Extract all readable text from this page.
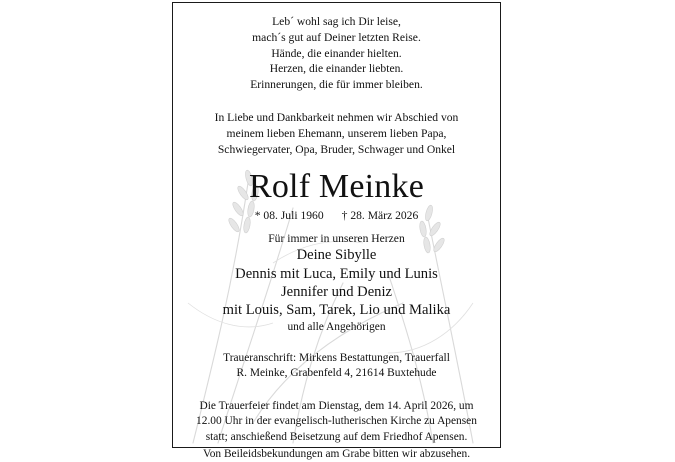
Leb´ wohl sag ich Dir leise,
mach´s gut auf Deiner letzten Reise.
Hände, die einander hielten.
Herzen, die einander liebten.
Erinnerungen, die für immer bleiben.
In Liebe und Dankbarkeit nehmen wir Abschied von
meinem lieben Ehemann, unserem lieben Papa,
Schwiegervater, Opa, Bruder, Schwager und Onkel
Rolf Meinke
* 08. Juli 1960 † 28. März 2026
Für immer in unseren Herzen
Deine Sibylle
Dennis mit Luca, Emily und Lunis
Jennifer und Deniz
mit Louis, Sam, Tarek, Lio und Malika
und alle Angehörigen
Traueranschrift: Mirkens Bestattungen, Trauerfall
R. Meinke, Grabenfeld 4, 21614 Buxtehude
Die Trauerfeier findet am Dienstag, dem 14. April 2026, um
12.00 Uhr in der evangelisch-lutherischen Kirche zu Apensen
statt; anschießend Beisetzung auf dem Friedhof Apensen.
Von Beileidsbekundungen am Grabe bitten wir abzusehen.
